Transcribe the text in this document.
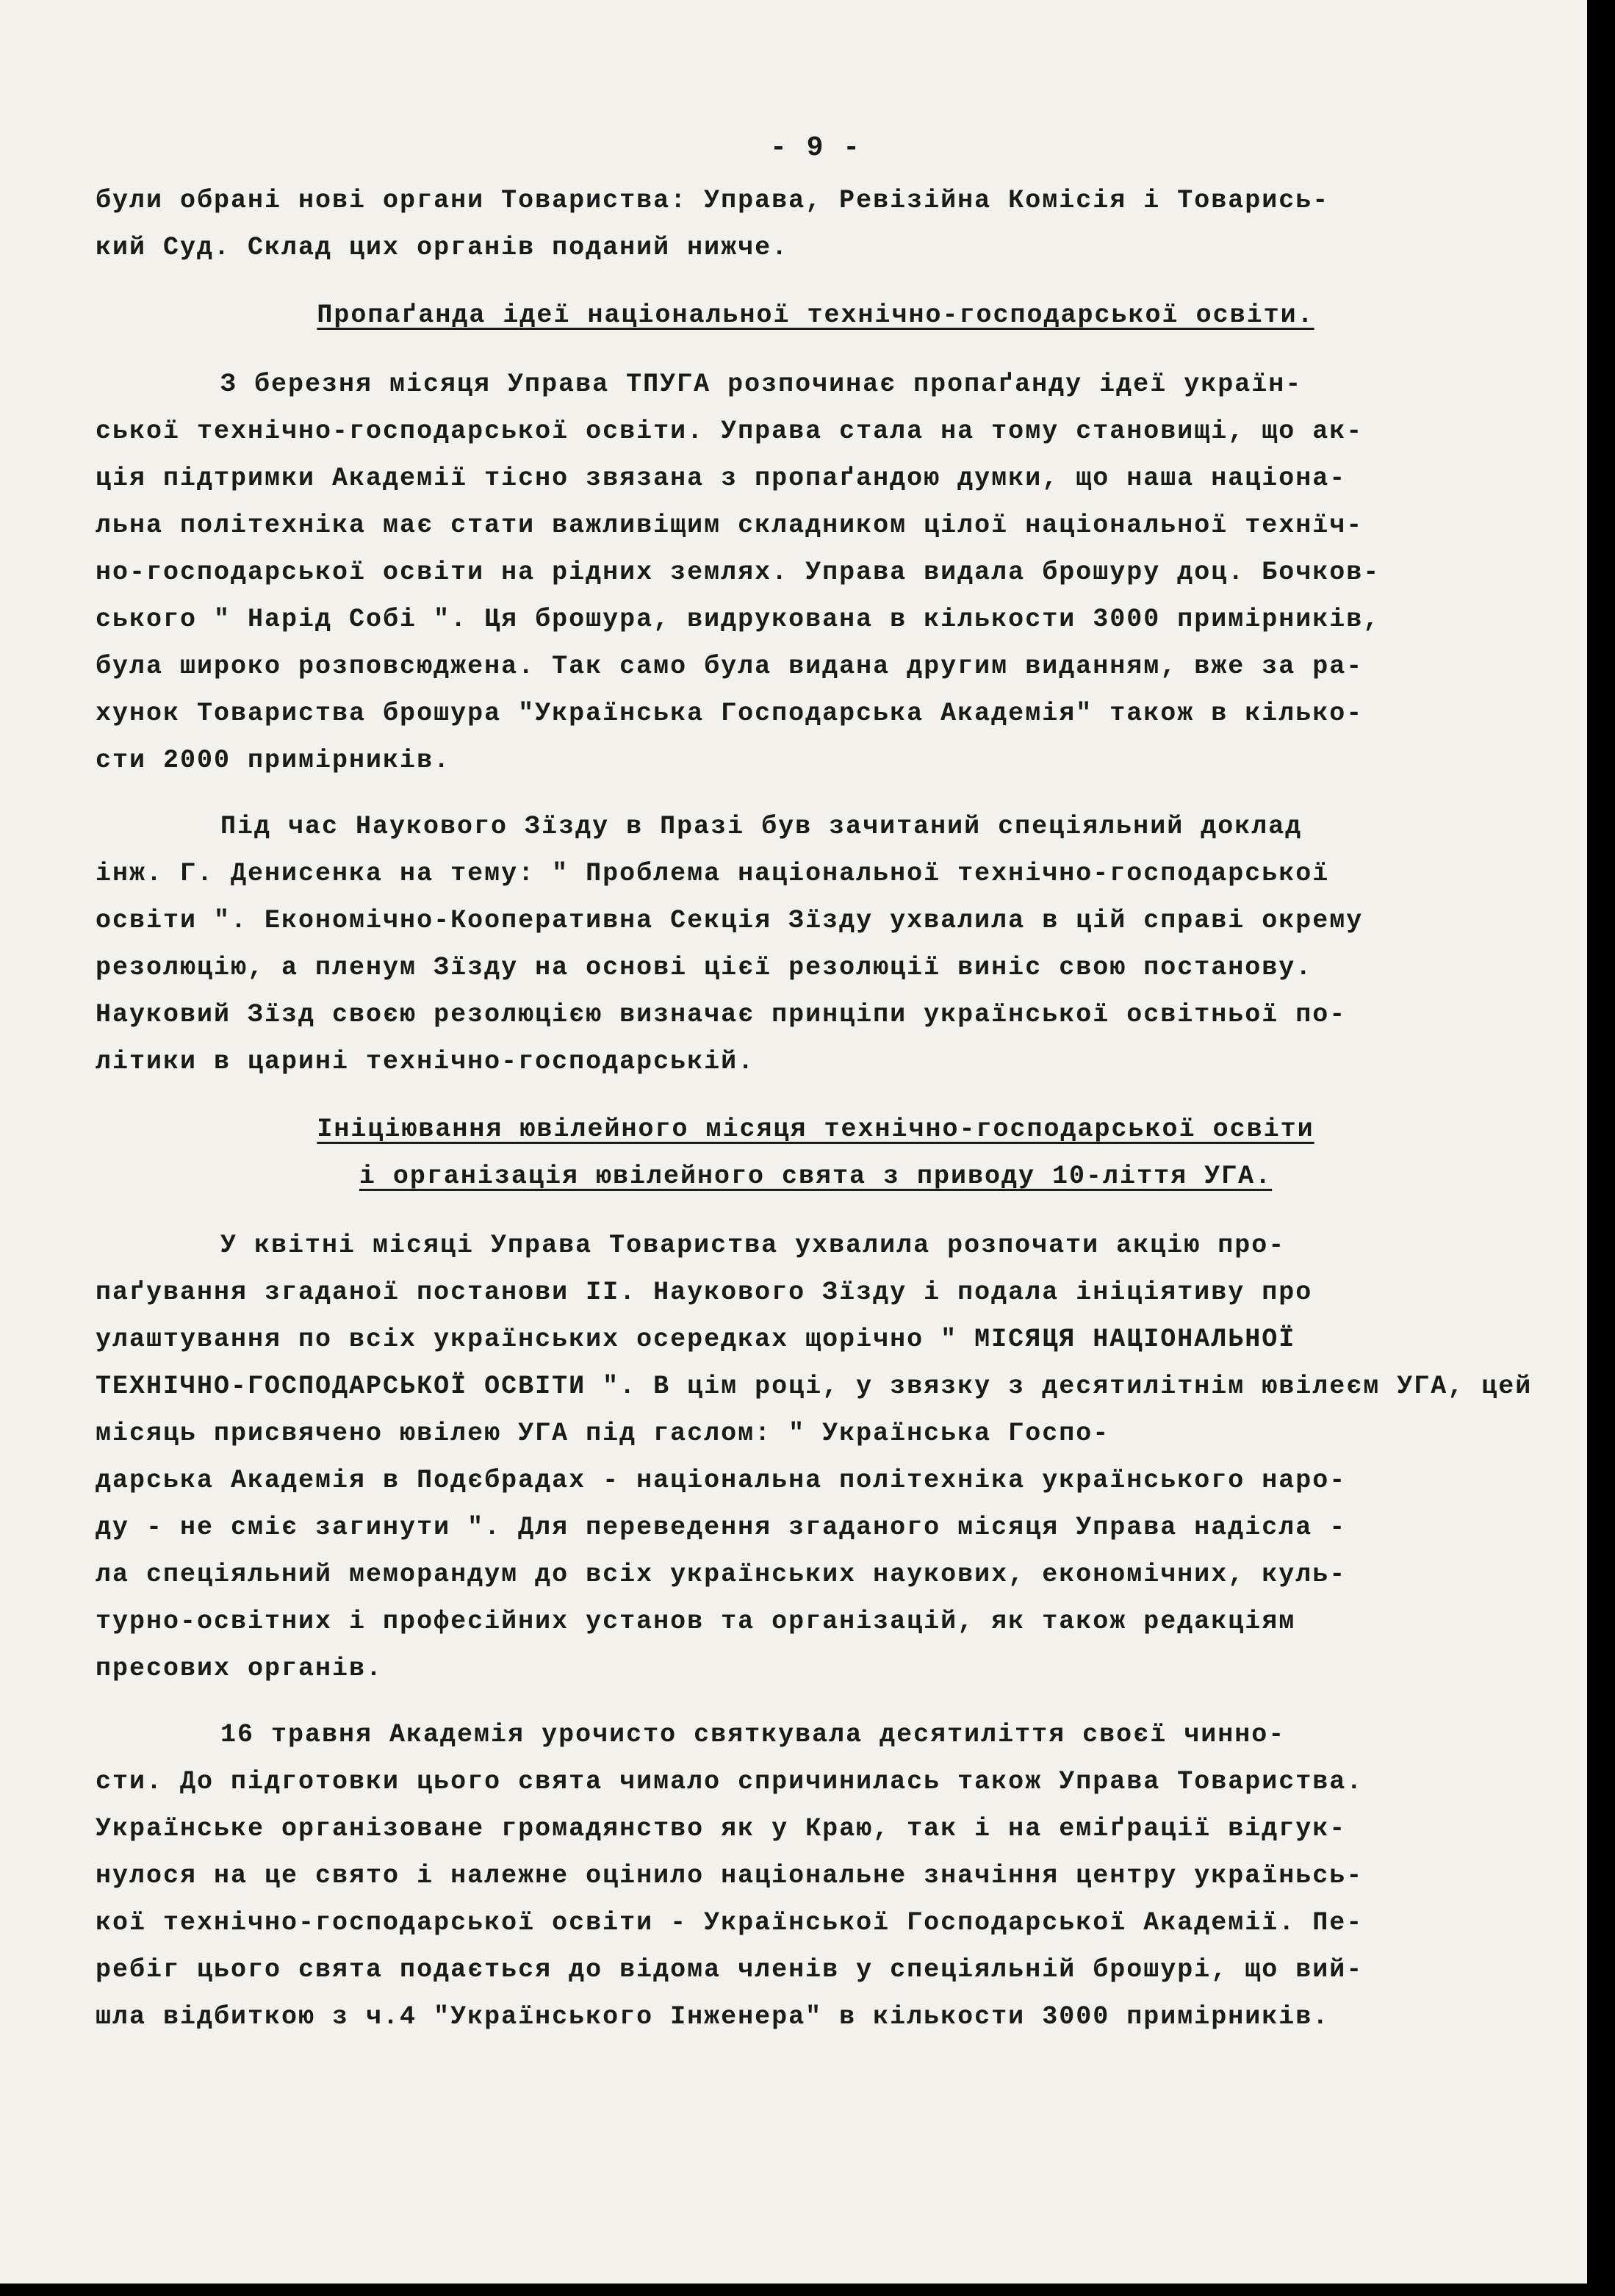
- 9 -

були обрані нові органи Товариства: Управа, Ревізійна Комісія і Товарись-
кий Суд. Склад цих органів поданий нижче.

Пропаґанда ідеї національної технічно-господарської освіти.

З березня місяця Управа ТПУГА розпочинає пропаґанду ідеї україн-
ської технічно-господарської освіти. Управа стала на тому становищі, що ак-
ція підтримки Академії тісно звязана з пропаґандою думки, що наша націона-
льна політехніка має стати важливіщим складником цілої національної технїч-
но-господарської освіти на рідних землях. Управа видала брошуру доц. Бочков-
ського " Нарід Собі ". Ця брошура, видрукована в кількости 3000 примірників,
була широко розповсюджена. Так само була видана другим виданням, вже за ра-
хунок Товариства брошура "Українська Господарська Академія" також в кілько-
сти 2000 примірників.

Під час Наукового Зїзду в Празі був зачитаний спеціяльний доклад
інж. Г. Денисенка на тему: " Проблема національної технічно-господарської
освіти ". Економічно-Кооперативна Секція Зїзду ухвалила в цій справі окрему
резолюцію, а пленум Зїзду на основі цієї резолюції виніс свою постанову.
Науковий Зїзд своєю резолюцією визначає принціпи української освітньої по-
літики в царині технічно-господарській.

Ініціювання ювілейного місяця технічно-господарської освіти
і організація ювілейного свята з приводу 10-ліття УГА.

У квітні місяці Управа Товариства ухвалила розпочати акцію про-
паґування згаданої постанови II. Наукового Зїзду і подала ініціятиву про
улаштування по всіх українських осередках щорічно " МІСЯЦЯ НАЦІОНАЛЬНОЇ
ТЕХНІЧНО-ГОСПОДАРСЬКОЇ ОСВІТИ ". В цім році, у звязку з десятилітнім ювілеєм УГА, цей місяць присвячено ювілею УГА під гаслом: " Українська Госпо-
дарська Академія в Подєбрадах - національна політехніка українського наро-
ду - не сміє загинути ". Для переведення згаданого місяця Управа надісла -
ла спеціяльний меморандум до всіх українських наукових, економічних, куль-
турно-освітних і професійних установ та організацій, як також редакціям
пресових органів.

16 травня Академія урочисто святкувала десятиліття своєї чинно-
сти. До підготовки цього свята чимало спричинилась також Управа Товариства.
Українське організоване громадянство як у Краю, так і на еміґрації відгук-
нулося на це свято і належне оцінило національне значіння центру україньсь-
кої технічно-господарської освіти - Української Господарської Академії. Пе-
ребіг цього свята подається до відома членів у спеціяльній брошурі, що вий-
шла відбиткою з ч.4 "Українського Інженера" в кількости 3000 примірників.
